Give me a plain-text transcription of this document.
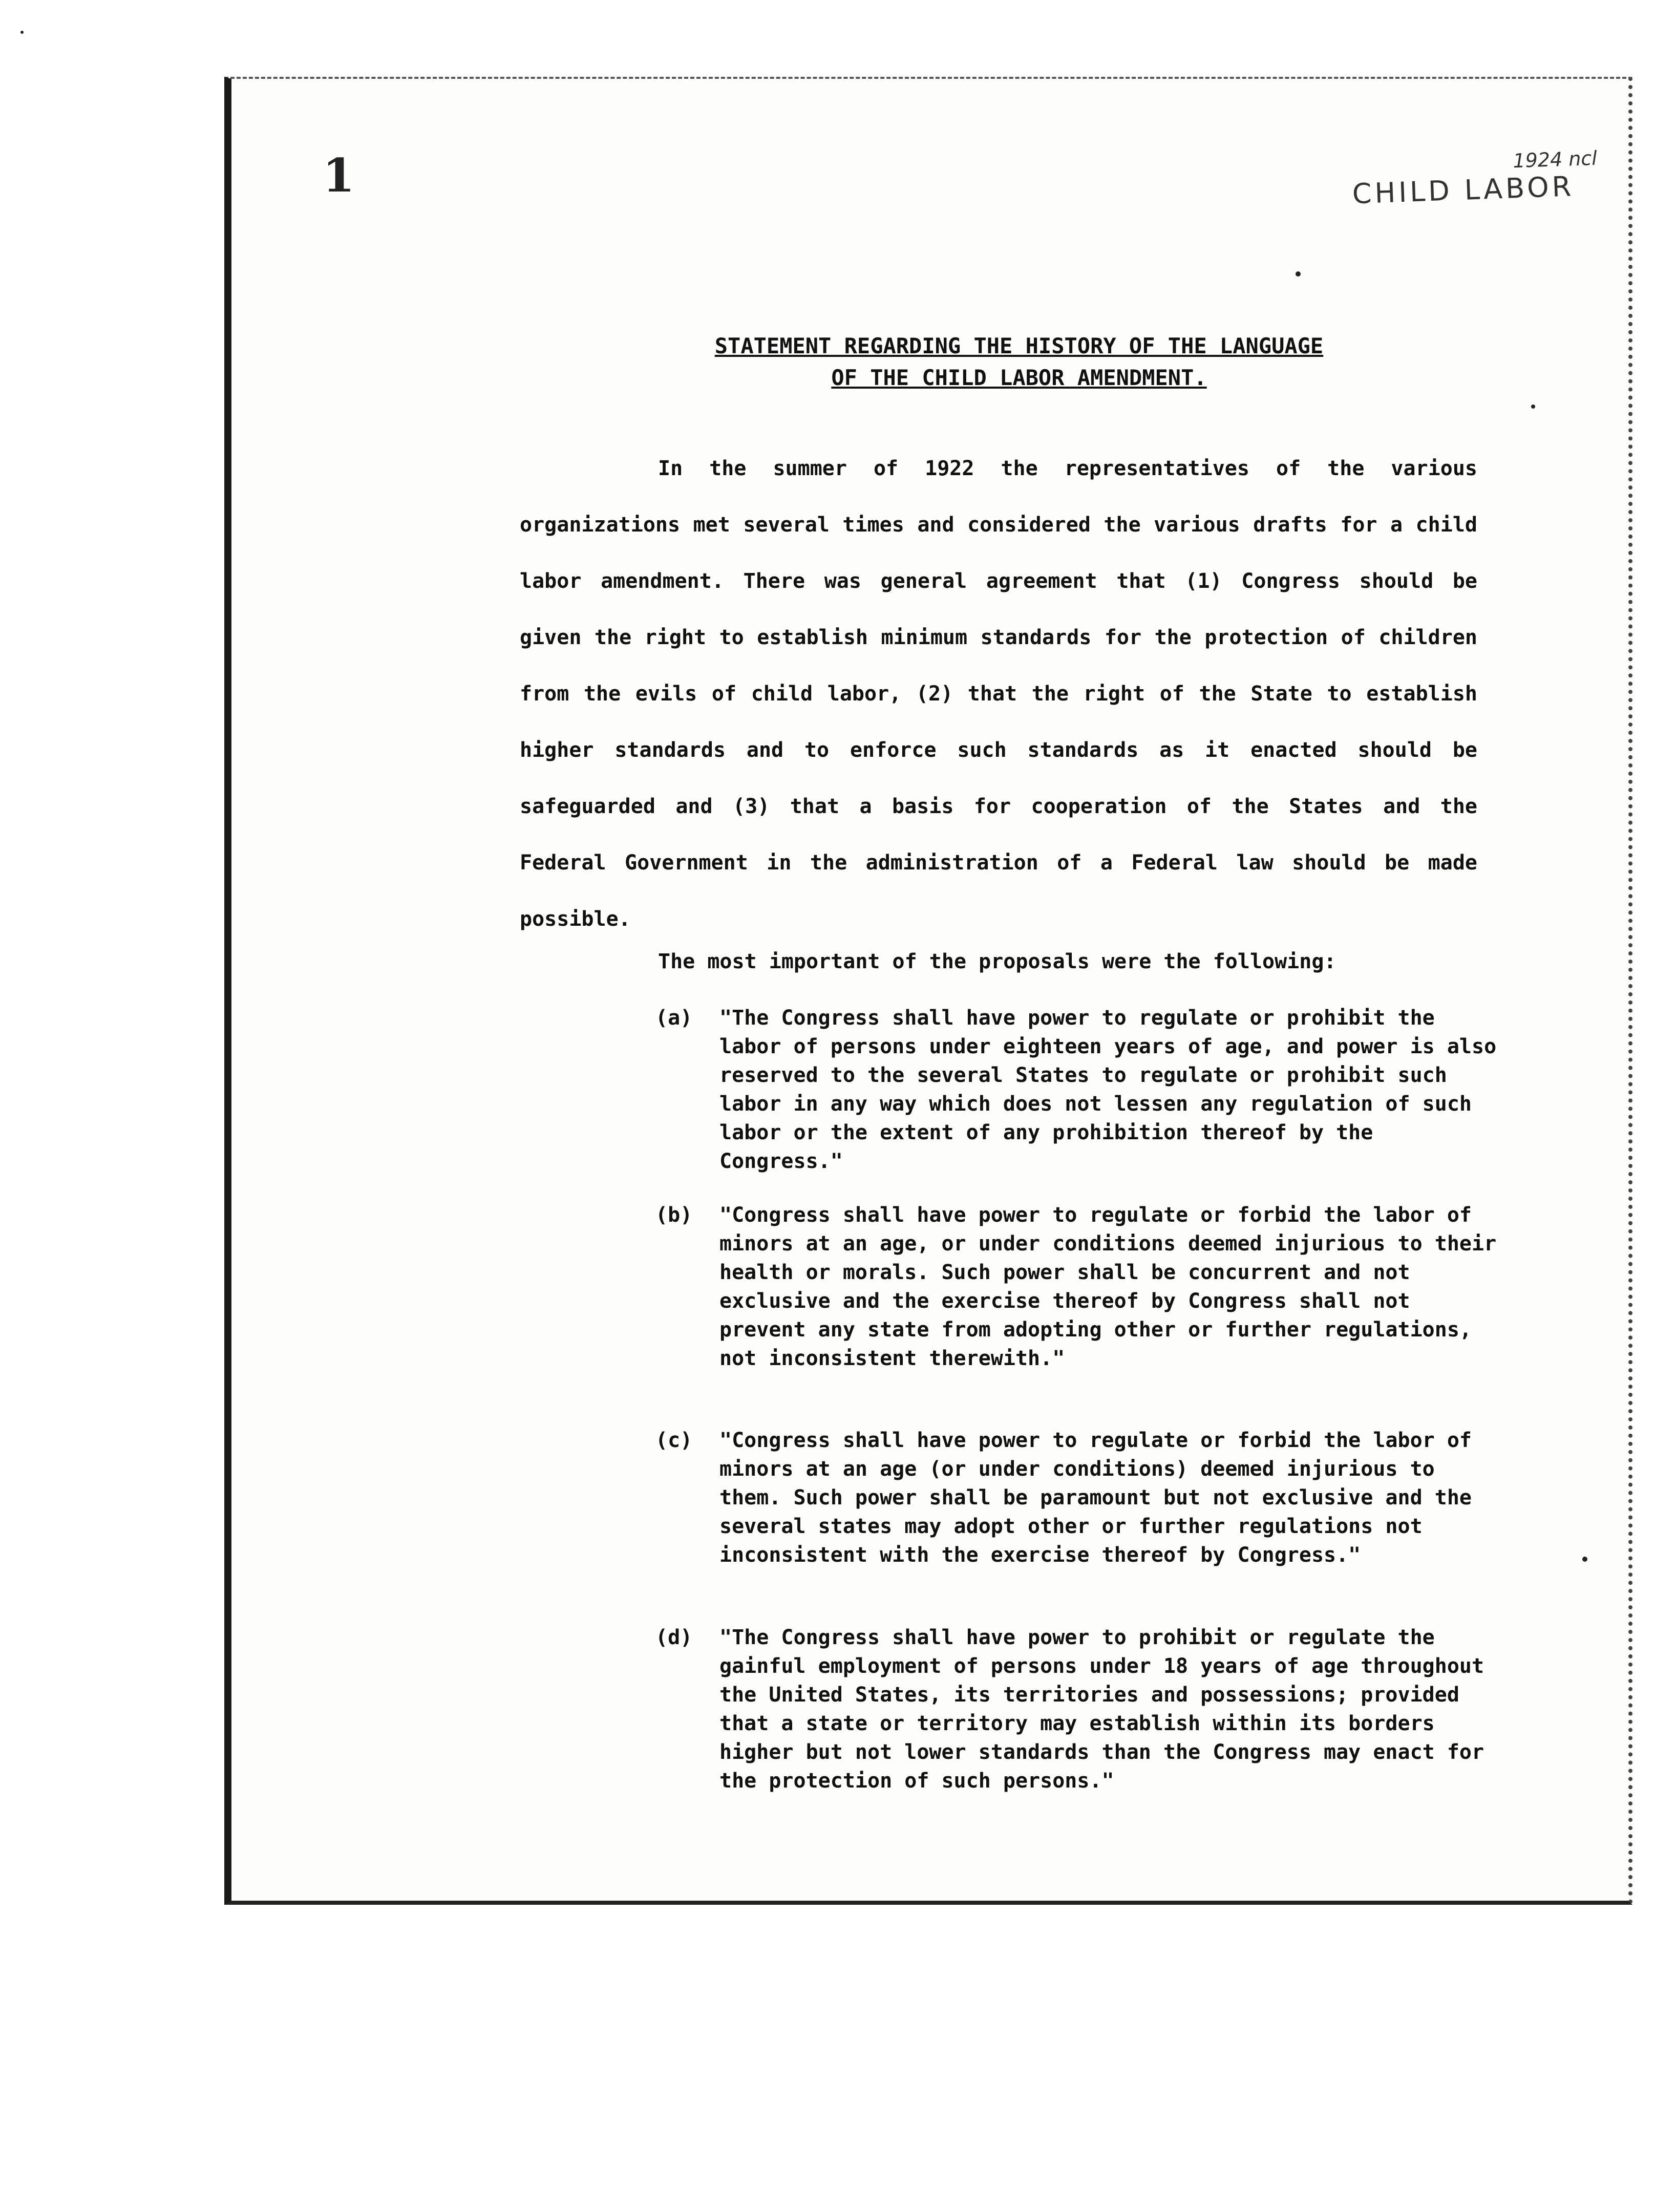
1	1924 ncl
CHILD LABOR
STATEMENT REGARDING THE HISTORY OF THE LANGUAGE OF THE CHILD LABOR AMENDMENT.
In the summer of 1922 the representatives of the various organizations met several times and considered the various drafts for a child labor amendment. There was general agreement that (1) Congress should be given the right to establish minimum standards for the protection of children from the evils of child labor, (2) that the right of the State to establish higher standards and to enforce such standards as it enacted should be safeguarded and (3) that a basis for cooperation of the States and the Federal Government in the administration of a Federal law should be made possible.
The most important of the proposals were the following:
(a)	"The Congress shall have power to regulate or prohibit the labor of persons under eighteen years of age, and power is also reserved to the several States to regulate or prohibit such labor in any way which does not lessen any regulation of such labor or the extent of any prohibition thereof by the Congress."
(b)	"Congress shall have power to regulate or forbid the labor of minors at an age, or under conditions deemed injurious to their health or morals. Such power shall be concurrent and not exclusive and the exercise thereof by Congress shall not prevent any state from adopting other or further regulations, not inconsistent therewith."
(c)	"Congress shall have power to regulate or forbid the labor of minors at an age (or under conditions) deemed injurious to them. Such power shall be paramount but not exclusive and the several states may adopt other or further regulations not inconsistent with the exercise thereof by Congress."
(d)	"The Congress shall have power to prohibit or regulate the gainful employment of persons under 18 years of age throughout the United States, its territories and possessions; provided that a state or territory may establish within its borders higher but not lower standards than the Congress may enact for the protection of such persons."
